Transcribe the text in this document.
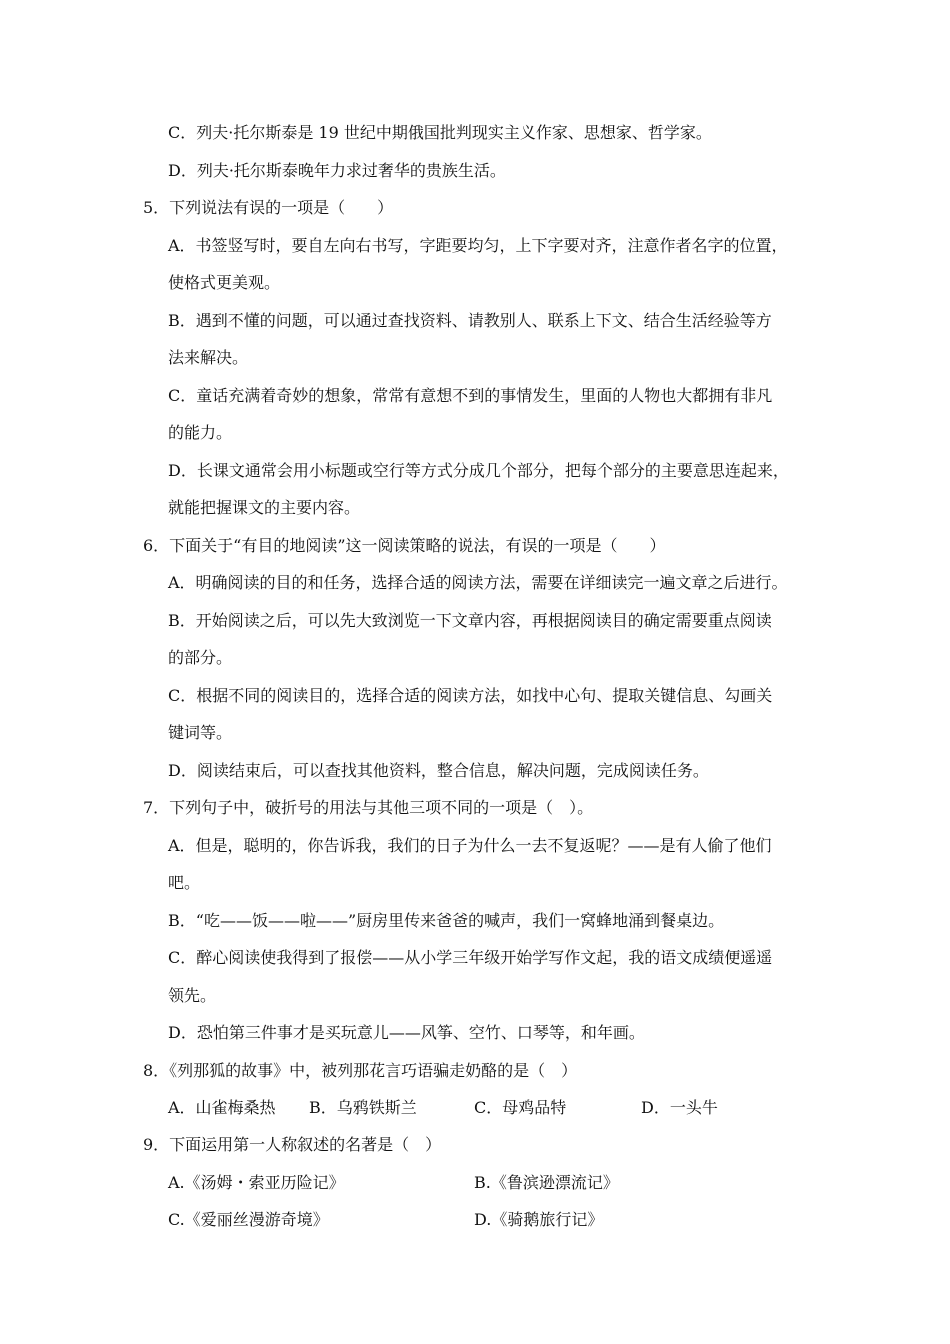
C．列夫·托尔斯泰是 19 世纪中期俄国批判现实主义作家、思想家、哲学家。
D．列夫·托尔斯泰晚年力求过奢华的贵族生活。
5．下列说法有误的一项是（　　）
A．书签竖写时，要自左向右书写，字距要均匀，上下字要对齐，注意作者名字的位置，
使格式更美观。
B．遇到不懂的问题，可以通过查找资料、请教别人、联系上下文、结合生活经验等方
法来解决。
C．童话充满着奇妙的想象，常常有意想不到的事情发生，里面的人物也大都拥有非凡
的能力。
D．长课文通常会用小标题或空行等方式分成几个部分，把每个部分的主要意思连起来，
就能把握课文的主要内容。
6．下面关于“有目的地阅读”这一阅读策略的说法，有误的一项是（　　）
A．明确阅读的目的和任务，选择合适的阅读方法，需要在详细读完一遍文章之后进行。
B．开始阅读之后，可以先大致浏览一下文章内容，再根据阅读目的确定需要重点阅读
的部分。
C．根据不同的阅读目的，选择合适的阅读方法，如找中心句、提取关键信息、勾画关
键词等。
D．阅读结束后，可以查找其他资料，整合信息，解决问题，完成阅读任务。
7．下列句子中，破折号的用法与其他三项不同的一项是（　）。
A．但是，聪明的，你告诉我，我们的日子为什么一去不复返呢？——是有人偷了他们
吧。
B．“吃——饭——啦——”厨房里传来爸爸的喊声，我们一窝蜂地涌到餐桌边。
C．醉心阅读使我得到了报偿——从小学三年级开始学写作文起，我的语文成绩便遥遥
领先。
D．恐怕第三件事才是买玩意儿——风筝、空竹、口琴等，和年画。
8．《列那狐的故事》中，被列那花言巧语骗走奶酪的是（　）
A．山雀梅桑热 B．乌鸦铁斯兰	C．母鸡品特	D．一头牛
9．下面运用第一人称叙述的名著是（　）
A.《汤姆・索亚历险记》	B.《鲁滨逊漂流记》
C.《爱丽丝漫游奇境》	D.《骑鹅旅行记》
